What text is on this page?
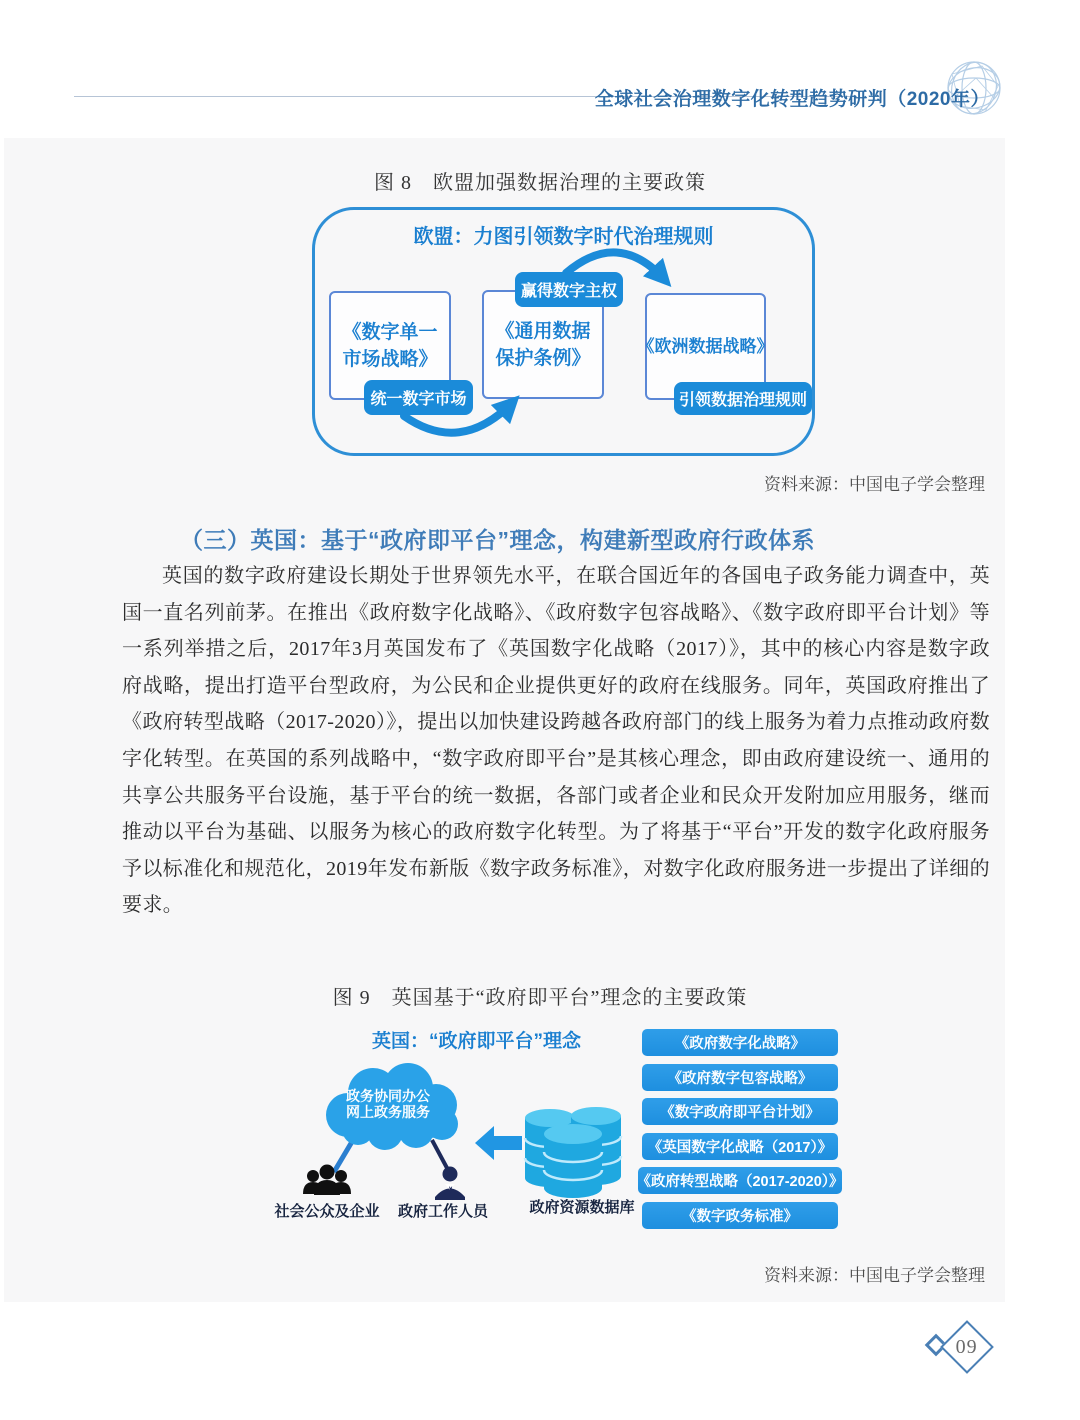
全球社会治理数字化转型趋势研判（2020年）
图 8　欧盟加强数据治理的主要政策
欧盟：力图引领数字时代治理规则
《数字单一
市场战略》
《通用数据
保护条例》
《欧洲数据战略》
赢得数字主权
统一数字市场	引领数据治理规则
资料来源：中国电子学会整理
（三）英国：基于“政府即平台”理念，构建新型政府行政体系
英国的数字政府建设长期处于世界领先水平，在联合国近年的各国电子政务能力调查中，英国一直名列前茅。在推出《政府数字化战略》、《政府数字包容战略》、《数字政府即平台计划》等一系列举措之后，2017年3月英国发布了《英国数字化战略（2017）》，其中的核心内容是数字政府战略，提出打造平台型政府，为公民和企业提供更好的政府在线服务。同年，英国政府推出了《政府转型战略（2017-2020）》，提出以加快建设跨越各政府部门的线上服务为着力点推动政府数字化转型。在英国的系列战略中，“数字政府即平台”是其核心理念，即由政府建设统一、通用的共享公共服务平台设施，基于平台的统一数据，各部门或者企业和民众开发附加应用服务，继而推动以平台为基础、以服务为核心的政府数字化转型。为了将基于“平台”开发的数字化政府服务予以标准化和规范化，2019年发布新版《数字政务标准》，对数字化政府服务进一步提出了详细的要求。
图 9　英国基于“政府即平台”理念的主要政策
英国：“政府即平台”理念	《政府数字化战略》
《政府数字包容战略》
《数字政府即平台计划》
《英国数字化战略（2017）》
《政府转型战略（2017-2020）》
《数字政务标准》
政务协同办公
网上政务服务
社会公众及企业	政府工作人员	政府资源数据库
资料来源：中国电子学会整理
09
